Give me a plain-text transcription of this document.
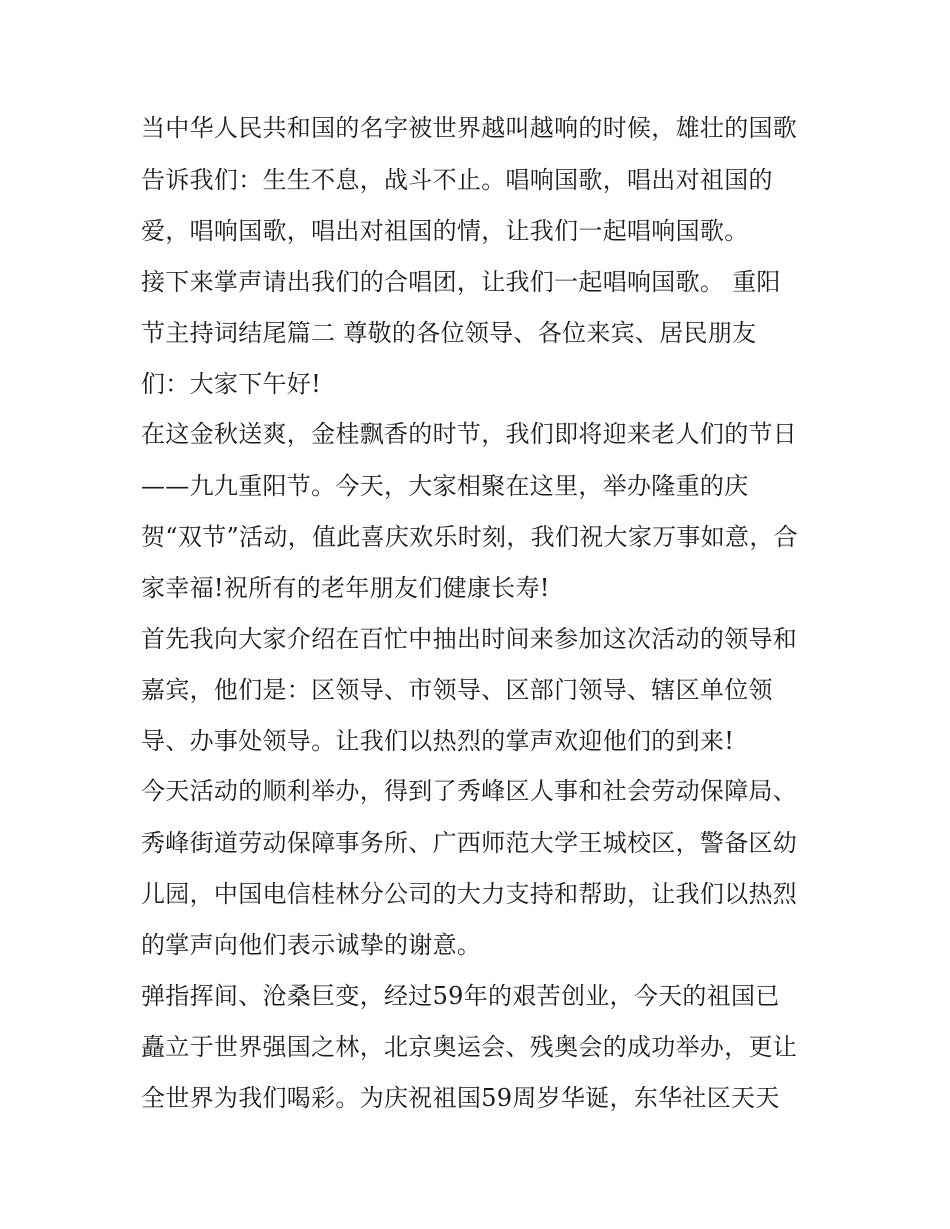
当中华人民共和国的名字被世界越叫越响的时候，雄壮的国歌
告诉我们：生生不息，战斗不止。唱响国歌，唱出对祖国的
爱，唱响国歌，唱出对祖国的情，让我们一起唱响国歌。
接下来掌声请出我们的合唱团，让我们一起唱响国歌。 重阳
节主持词结尾篇二 尊敬的各位领导、各位来宾、居民朋友
们：大家下午好!
在这金秋送爽，金桂飘香的时节，我们即将迎来老人们的节日
——九九重阳节。今天，大家相聚在这里，举办隆重的庆
贺“双节”活动，值此喜庆欢乐时刻，我们祝大家万事如意，合
家幸福!祝所有的老年朋友们健康长寿!
首先我向大家介绍在百忙中抽出时间来参加这次活动的领导和
嘉宾，他们是：区领导、市领导、区部门领导、辖区单位领
导、办事处领导。让我们以热烈的掌声欢迎他们的到来!
今天活动的顺利举办，得到了秀峰区人事和社会劳动保障局、
秀峰街道劳动保障事务所、广西师范大学王城校区，警备区幼
儿园，中国电信桂林分公司的大力支持和帮助，让我们以热烈
的掌声向他们表示诚挚的谢意。
弹指挥间、沧桑巨变，经过59年的艰苦创业，今天的祖国已
矗立于世界强国之林，北京奥运会、残奥会的成功举办，更让
全世界为我们喝彩。为庆祝祖国59周岁华诞，东华社区天天
